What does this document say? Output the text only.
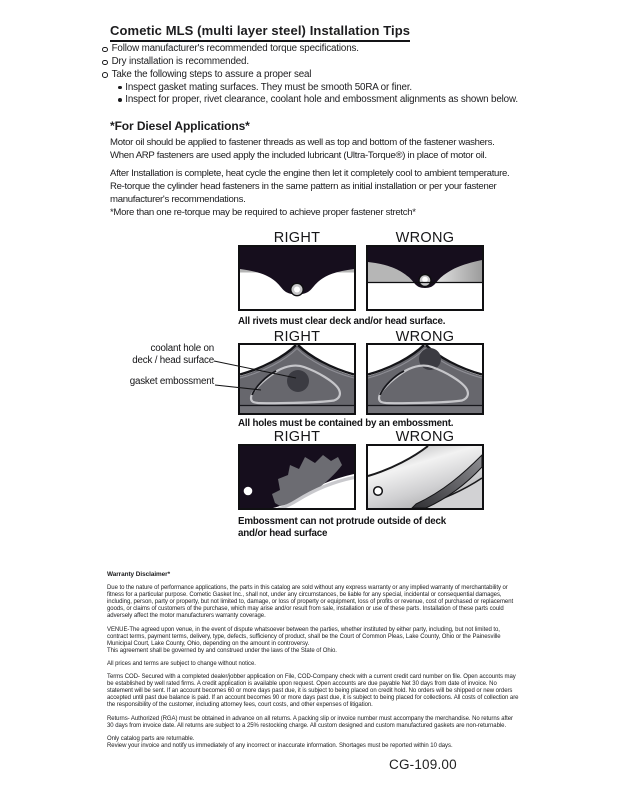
Cometic MLS (multi layer steel) Installation Tips
Follow manufacturer's recommended torque specifications.
Dry installation is recommended.
Take the following steps to assure a proper seal
Inspect gasket mating surfaces. They must be smooth 50RA or finer.
Inspect for proper, rivet clearance, coolant hole and embossment alignments as shown below.
*For Diesel Applications*
Motor oil should be applied to fastener threads as well as top and bottom of the fastener washers. When ARP fasteners are used apply the included lubricant (Ultra-Torque®) in place of motor oil.
After Installation is complete, heat cycle the engine then let it completely cool to ambient temperature. Re-torque the cylinder head fasteners in the same pattern as initial installation or per your fastener manufacturer's recommendations.
*More than one re-torque may be required to achieve proper fastener stretch*
RIGHT	WRONG
All rivets must clear deck and/or head surface.
RIGHT	WRONG
coolant hole on
deck / head surface
gasket embossment
All holes must be contained by an embossment.
RIGHT	WRONG
Embossment can not protrude outside of deck
and/or head surface

Warranty Disclaimer*

Due to the nature of performance applications, the parts in this catalog are sold without any express warranty or any implied warranty of merchantability or fitness for a particular purpose. Cometic Gasket Inc., shall not, under any circumstances, be liable for any special, incidental or consequential damages, including, person, party or property, but not limited to, damage, or loss of property or equipment, loss of profits or revenue, cost of purchased or replacement goods, or claims of customers of the purchase, which may arise and/or result from sale, installation or use of these parts. Installation of these parts could adversely affect the motor manufacturers warranty coverage.

VENUE-The agreed upon venue, in the event of dispute whatsoever between the parties, whether instituted by either party, including, but not limited to, contract terms, payment terms, delivery, type, defects, sufficiency of product, shall be the Court of Common Pleas, Lake County, Ohio or the Painesville Municipal Court, Lake County, Ohio, depending on the amount in controversy.

This agreement shall be governed by and construed under the laws of the State of Ohio.

All prices and terms are subject to change without notice.

Terms COD- Secured with a completed dealer/jobber application on File, COD-Company check with a current credit card number on file. Open accounts may be established by well rated firms. A credit application is available upon request. Open accounts are due payable Net 30 days from date of invoice. No statement will be sent. If an account becomes 60 or more days past due, it is subject to being placed on credit hold. No orders will be shipped or new orders accepted until past due balance is paid. If an account becomes 90 or more days past due, it is subject to being placed for collections. All costs of collection are the responsibility of the customer, including attorney fees, court costs, and other expenses of litigation.

Returns- Authorized (RGA) must be obtained in advance on all returns. A packing slip or invoice number must accompany the merchandise. No returns after 30 days from invoice date. All returns are subject to a 25% restocking charge. All custom designed and custom manufactured gaskets are non-returnable.

Only catalog parts are returnable.

Review your invoice and notify us immediately of any incorrect or inaccurate information. Shortages must be reported within 10 days.

CG-109.00
